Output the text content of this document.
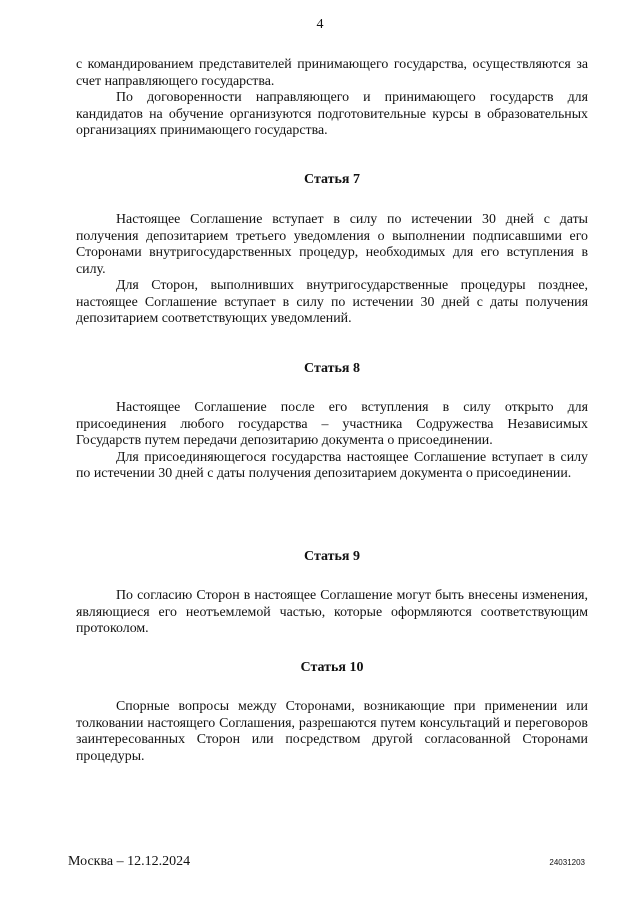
4

с командированием представителей принимающего государства, осуществляются за счет направляющего государства.

По договоренности направляющего и принимающего государств для кандидатов на обучение организуются подготовительные курсы в образовательных организациях принимающего государства.

Статья 7

Настоящее Соглашение вступает в силу по истечении 30 дней с даты получения депозитарием третьего уведомления о выполнении подписавшими его Сторонами внутригосударственных процедур, необходимых для его вступления в силу.

Для Сторон, выполнивших внутригосударственные процедуры позднее, настоящее Соглашение вступает в силу по истечении 30 дней с даты получения депозитарием соответствующих уведомлений.

Статья 8

Настоящее Соглашение после его вступления в силу открыто для присоединения любого государства – участника Содружества Независимых Государств путем передачи депозитарию документа о присоединении.

Для присоединяющегося государства настоящее Соглашение вступает в силу по истечении 30 дней с даты получения депозитарием документа о присоединении.

Статья 9

По согласию Сторон в настоящее Соглашение могут быть внесены изменения, являющиеся его неотъемлемой частью, которые оформляются соответствующим протоколом.

Статья 10

Спорные вопросы между Сторонами, возникающие при применении или толковании настоящего Соглашения, разрешаются путем консультаций и переговоров заинтересованных Сторон или посредством другой согласованной Сторонами процедуры.

Москва – 12.12.2024	24031203
